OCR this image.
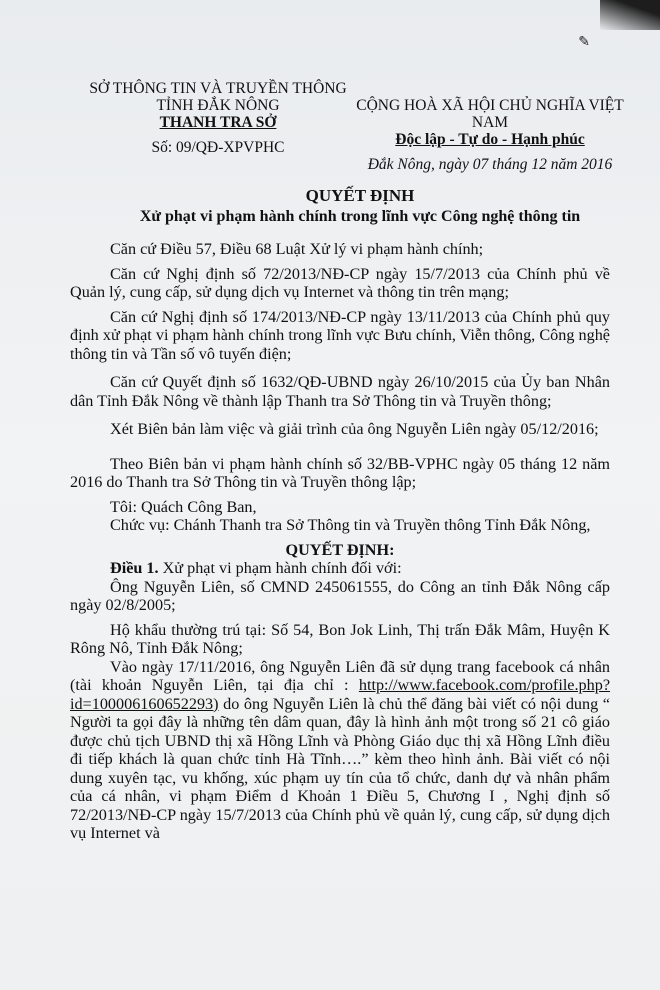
✎
SỞ THÔNG TIN VÀ TRUYỀN THÔNG
TỈNH ĐẮK NÔNG
THANH TRA SỞ
Số: 09/QĐ-XPVPHC
CỘNG HOÀ XÃ HỘI CHỦ NGHĨA VIỆT NAM
Độc lập - Tự do - Hạnh phúc
Đắk Nông, ngày 07 tháng 12 năm 2016
QUYẾT ĐỊNH
Xử phạt vi phạm hành chính trong lĩnh vực Công nghệ thông tin

Căn cứ Điều 57, Điều 68 Luật Xử lý vi phạm hành chính;

Căn cứ Nghị định số 72/2013/NĐ-CP ngày 15/7/2013 của Chính phủ về Quản lý, cung cấp, sử dụng dịch vụ Internet và thông tin trên mạng;

Căn cứ Nghị định số 174/2013/NĐ-CP ngày 13/11/2013 của Chính phủ quy định xử phạt vi phạm hành chính trong lĩnh vực Bưu chính, Viễn thông, Công nghệ thông tin và Tần số vô tuyến điện;

Căn cứ Quyết định số 1632/QĐ-UBND ngày 26/10/2015 của Ủy ban Nhân dân Tỉnh Đắk Nông về thành lập Thanh tra Sở Thông tin và Truyền thông;

Xét Biên bản làm việc và giải trình của ông Nguyễn Liên ngày 05/12/2016;

Theo Biên bản vi phạm hành chính số 32/BB-VPHC ngày 05 tháng 12 năm 2016 do Thanh tra Sở Thông tin và Truyền thông lập;

Tôi: Quách Công Ban,

Chức vụ: Chánh Thanh tra Sở Thông tin và Truyền thông Tỉnh Đắk Nông,

QUYẾT ĐỊNH:

Điều 1. Xử phạt vi phạm hành chính đối với:

Ông Nguyễn Liên, số CMND 245061555, do Công an tỉnh Đắk Nông cấp ngày 02/8/2005;

Hộ khẩu thường trú tại: Số 54, Bon Jok Linh, Thị trấn Đắk Mâm, Huyện K Rông Nô, Tỉnh Đắk Nông;

Vào ngày 17/11/2016, ông Nguyễn Liên đã sử dụng trang facebook cá nhân (tài khoản Nguyễn Liên, tại địa chỉ : http://www.facebook.com/profile.php?id=100006160652293) do ông Nguyễn Liên là chủ thể đăng bài viết có nội dung “ Người ta gọi đây là những tên dâm quan, đây là hình ảnh một trong số 21 cô giáo được chủ tịch UBND thị xã Hồng Lĩnh và Phòng Giáo dục thị xã Hồng Lĩnh điều đi tiếp khách là quan chức tỉnh Hà Tĩnh….” kèm theo hình ảnh. Bài viết có nội dung xuyên tạc, vu khống, xúc phạm uy tín của tổ chức, danh dự và nhân phẩm của cá nhân, vi phạm Điểm d Khoản 1 Điều 5, Chương I , Nghị định số 72/2013/NĐ-CP ngày 15/7/2013 của Chính phủ về quản lý, cung cấp, sử dụng dịch vụ Internet và
